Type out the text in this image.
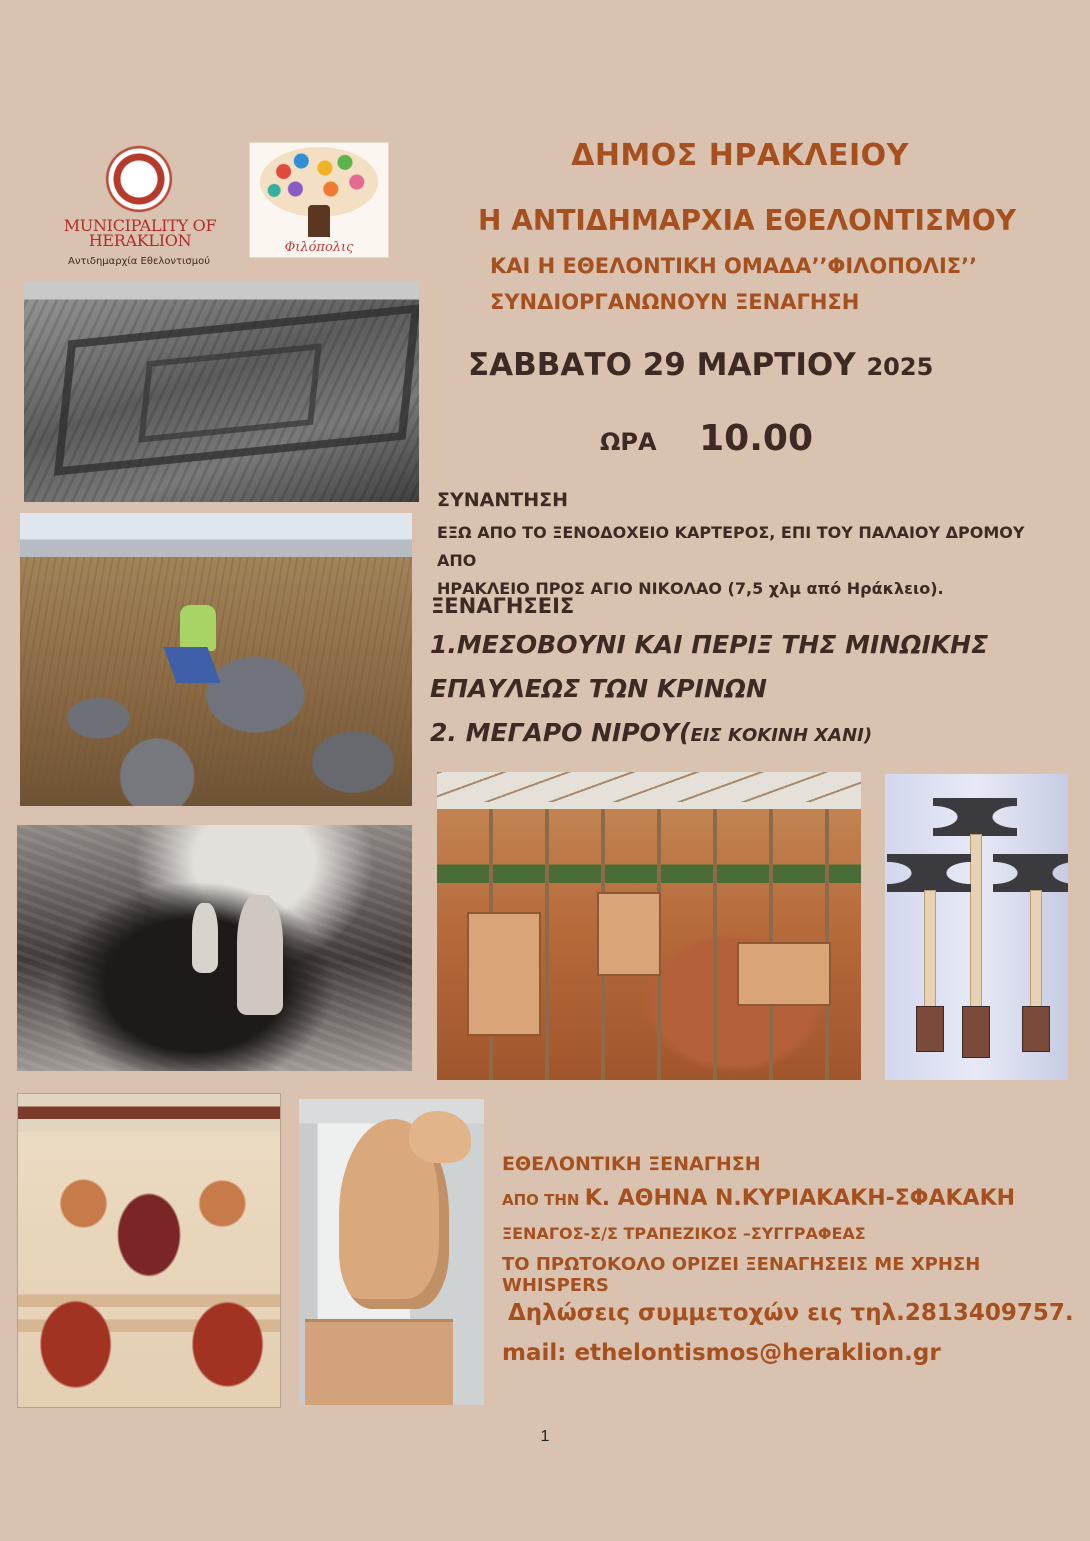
MUNICIPALITY OF HERAKLION
Αντιδημαρχία Εθελοντισμού
Φιλόπολις
ΔΗΜΟΣ ΗΡΑΚΛΕΙΟΥ
Η ΑΝΤΙΔΗΜΑΡΧΙΑ ΕΘΕΛΟΝΤΙΣΜΟΥ
ΚΑΙ Η ΕΘΕΛΟΝΤΙΚΗ ΟΜΑΔΑ’’ΦΙΛΟΠΟΛΙΣ’’
ΣΥΝΔΙΟΡΓΑΝΩΝΟΥΝ ΞΕΝΑΓΗΣΗ
ΣΑΒΒΑΤΟ 29 ΜΑΡΤΙΟΥ 2025
ΩΡΑ 10.00
ΣΥΝΑΝΤΗΣΗ
ΕΞΩ ΑΠΟ ΤΟ ΞΕΝΟΔΟΧΕΙΟ ΚΑΡΤΕΡΟΣ, ΕΠΙ ΤΟΥ ΠΑΛΑΙΟΥ ΔΡΟΜΟΥ ΑΠΟ
ΗΡΑΚΛΕΙΟ ΠΡΟΣ ΑΓΙΟ ΝΙΚΟΛΑΟ (7,5 χλμ από Ηράκλειο).
ΞΕΝΑΓΗΣΕΙΣ
1.ΜΕΣΟΒΟΥΝΙ ΚΑΙ ΠΕΡΙΞ ΤΗΣ ΜΙΝΩΙΚΗΣ
ΕΠΑΥΛΕΩΣ ΤΩΝ ΚΡΙΝΩΝ
2. ΜΕΓΑΡΟ ΝΙΡΟΥ(ΕΙΣ ΚΟΚΙΝΗ ΧΑΝΙ)
ΕΘΕΛΟΝΤΙΚΗ ΞΕΝΑΓΗΣΗ
ΑΠΟ ΤΗΝ Κ. ΑΘΗΝΑ Ν.ΚΥΡΙΑΚΑΚΗ-ΣΦΑΚΑΚΗ
ΞΕΝΑΓΟΣ-Σ/Σ ΤΡΑΠΕΖΙΚΟΣ –ΣΥΓΓΡΑΦΕΑΣ
ΤΟ ΠΡΩΤΟΚΟΛΟ ΟΡΙΖΕΙ ΞΕΝΑΓΗΣΕΙΣ ΜΕ ΧΡΗΣΗ WHISPERS
Δηλώσεις συμμετοχών εις τηλ.2813409757.
mail: ethelontismos@heraklion.gr
1
